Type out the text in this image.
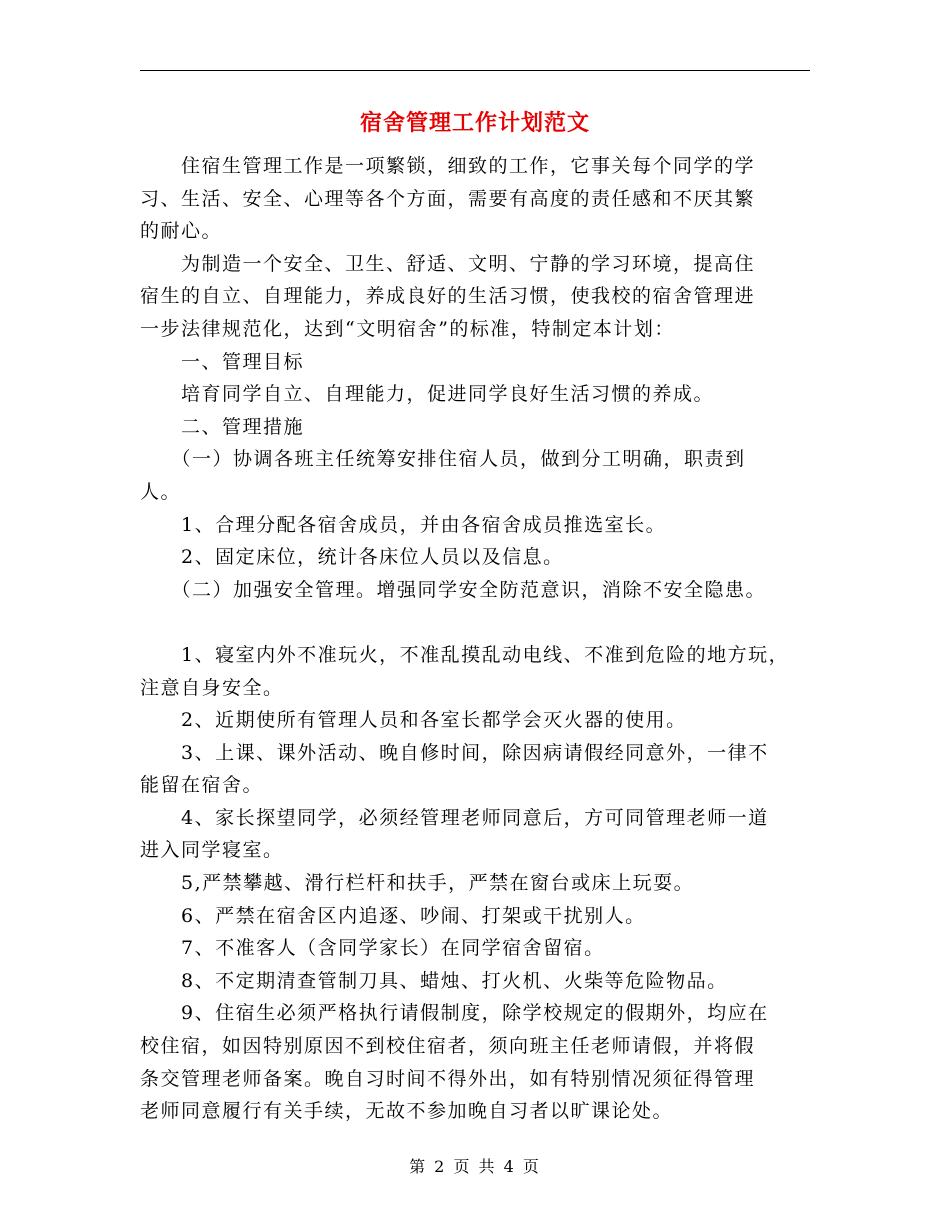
宿舍管理工作计划范文
　　住宿生管理工作是一项繁锁，细致的工作，它事关每个同学的学
习、生活、安全、心理等各个方面，需要有高度的责任感和不厌其繁
的耐心。
　　为制造一个安全、卫生、舒适、文明、宁静的学习环境，提高住
宿生的自立、自理能力，养成良好的生活习惯，使我校的宿舍管理进
一步法律规范化，达到“文明宿舍”的标准，特制定本计划：
　　一、管理目标
　　培育同学自立、自理能力，促进同学良好生活习惯的养成。
　　二、管理措施
　　（一）协调各班主任统筹安排住宿人员，做到分工明确，职责到
人。
　　1、合理分配各宿舍成员，并由各宿舍成员推选室长。
　　2、固定床位，统计各床位人员以及信息。
　　（二）加强安全管理。增强同学安全防范意识，消除不安全隐患。

　　1、寝室内外不准玩火，不准乱摸乱动电线、不准到危险的地方玩，
注意自身安全。
　　2、近期使所有管理人员和各室长都学会灭火器的使用。
　　3、上课、课外活动、晚自修时间，除因病请假经同意外，一律不
能留在宿舍。
　　4、家长探望同学，必须经管理老师同意后，方可同管理老师一道
进入同学寝室。
　　5,严禁攀越、滑行栏杆和扶手，严禁在窗台或床上玩耍。
　　6、严禁在宿舍区内追逐、吵闹、打架或干扰别人。
　　7、不准客人（含同学家长）在同学宿舍留宿。
　　8、不定期清查管制刀具、蜡烛、打火机、火柴等危险物品。
　　9、住宿生必须严格执行请假制度，除学校规定的假期外，均应在
校住宿，如因特别原因不到校住宿者，须向班主任老师请假，并将假
条交管理老师备案。晚自习时间不得外出，如有特别情况须征得管理
老师同意履行有关手续，无故不参加晚自习者以旷课论处。
第 2 页 共 4 页
